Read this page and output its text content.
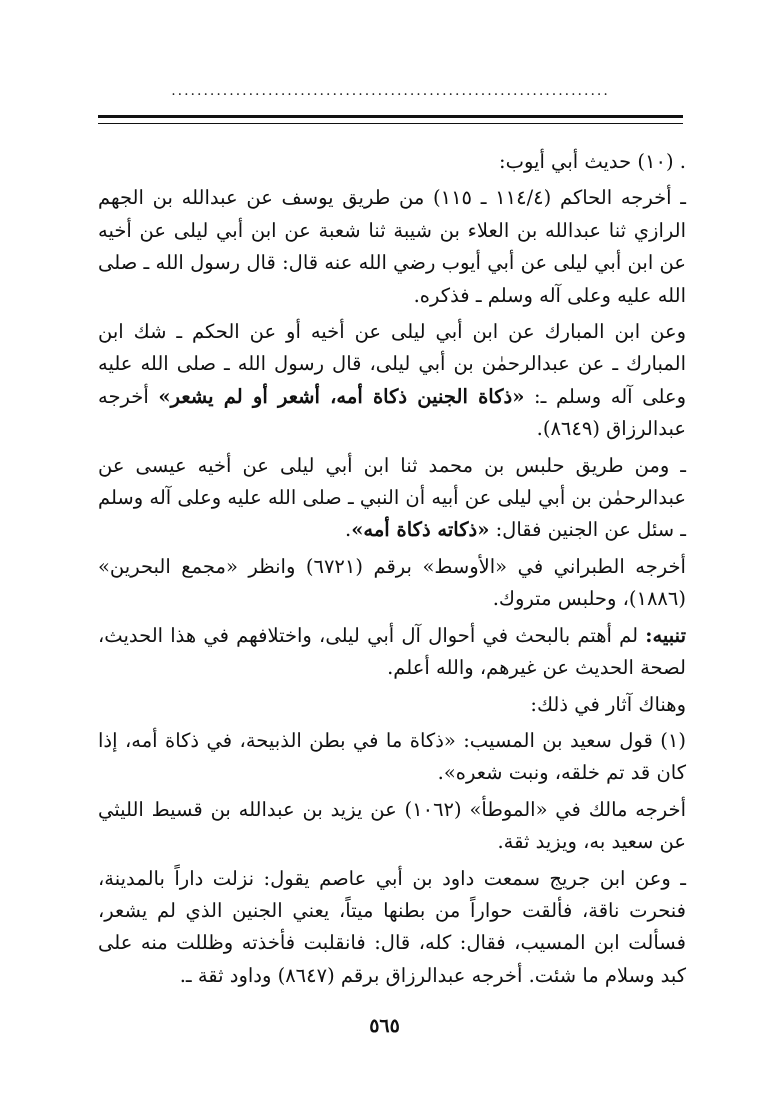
....................................................................

. (١٠) حديث أبي أيوب:

ـ أخرجه الحاكم (١١٤/٤ ـ ١١٥) من طريق يوسف عن عبدالله بن الجهم الرازي ثنا عبدالله بن العلاء بن شيبة ثنا شعبة عن ابن أبي ليلى عن أخيه عن ابن أبي ليلى عن أبي أيوب رضي الله عنه قال: قال رسول الله ـ صلى الله عليه وعلى آله وسلم ـ فذكره.

وعن ابن المبارك عن ابن أبي ليلى عن أخيه أو عن الحكم ـ شك ابن المبارك ـ عن عبدالرحمٰن بن أبي ليلى، قال رسول الله ـ صلى الله عليه وعلى آله وسلم ـ: «ذكاة الجنين ذكاة أمه، أشعر أو لم يشعر» أخرجه عبدالرزاق (٨٦٤٩).

ـ ومن طريق حلبس بن محمد ثنا ابن أبي ليلى عن أخيه عيسى عن عبدالرحمٰن بن أبي ليلى عن أبيه أن النبي ـ صلى الله عليه وعلى آله وسلم ـ سئل عن الجنين فقال: «ذكاته ذكاة أمه».

أخرجه الطبراني في «الأوسط» برقم (٦٧٢١) وانظر «مجمع البحرين» (١٨٨٦)، وحلبس متروك.

تنبيه: لم أهتم بالبحث في أحوال آل أبي ليلى، واختلافهم في هذا الحديث، لصحة الحديث عن غيرهم، والله أعلم.

وهناك آثار في ذلك:

(١) قول سعيد بن المسيب: «ذكاة ما في بطن الذبيحة، في ذكاة أمه، إذا كان قد تم خلقه، ونبت شعره».

أخرجه مالك في «الموطأ» (١٠٦٢) عن يزيد بن عبدالله بن قسيط الليثي عن سعيد به، ويزيد ثقة.

ـ وعن ابن جريج سمعت داود بن أبي عاصم يقول: نزلت داراً بالمدينة، فنحرت ناقة، فألقت حواراً من بطنها ميتاً، يعني الجنين الذي لم يشعر، فسألت ابن المسيب، فقال: كله، قال: فانقلبت فأخذته وظللت منه على كبد وسلام ما شئت. أخرجه عبدالرزاق برقم (٨٦٤٧) وداود ثقة ـ.

٥٦٥
